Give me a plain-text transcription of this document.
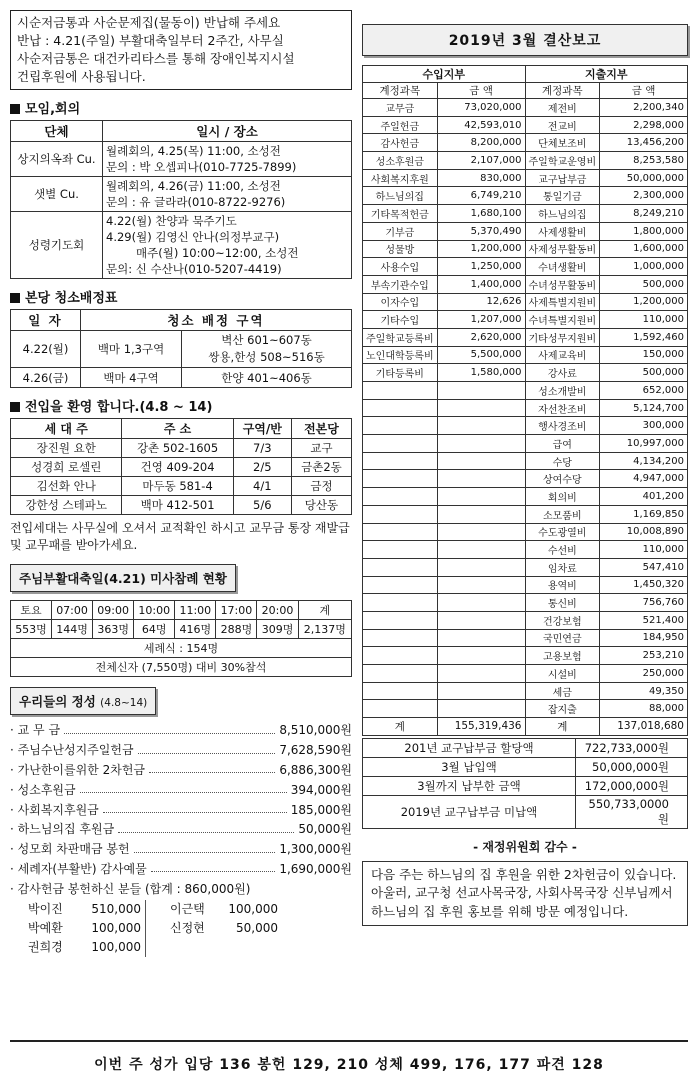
시순저금통과 사순문제집(물동이) 반납해 주세요
반납 : 4.21(주일) 부활대축일부터 2주간, 사무실
사순저금통은 대건카리타스를 통해 장애인복지시설
건립후원에 사용됩니다.
모임,회의
단체	일시 / 장소
상지의옥좌 Cu.	월례회의, 4.25(목) 11:00, 소성전
문의 : 박 오셉피나(010-7725-7899)

샛별 Cu.	월례회의, 4.26(금) 11:00, 소성전
문의 : 유 글라라(010-8722-9276)

성령기도회	4.22(월) 찬양과 묵주기도
4.29(월) 김영신 안나(의정부교구)
매주(월) 10:00~12:00, 소성전
문의: 신 수산나(010-5207-4419)
본당 청소배정표
일 자	청소 배정 구역	
4.22(월)	백마 1,3구역	벽산 601~607동
쌍용,한성 508~516동

4.26(금)	백마 4구역	한양 401~406동
전입을 환영 합니다.(4.8 ~ 14)
세 대 주	주 소	구역/반	전본당
장진원 요한	강촌 502-1605	7/3	교구
성경희 로셀린	건영 409-204	2/5	금촌2동
김선화 안나	마두동 581-4	4/1	금정
강한성 스테파노	백마 412-501	5/6	당산동
전입세대는 사무실에 오셔서 교적확인 하시고 교무금 통장 재발급 및 교무패를 받아가세요.
주님부활대축일(4.21) 미사참례 현황
토요	07:00	09:00	10:00	11:00	17:00	20:00	계
553명	144명	363명	64명	416명	288명	309명	2,137명
세례식 : 154명							
전체신자 (7,550명) 대비 30%참석							
우리들의 정성 (4.8~14)
· 교 무 금	8,510,000원
· 주님수난성지주일헌금	7,628,590원
· 가난한이를위한 2차헌금	6,886,300원
· 성소후원금	394,000원
· 사회복지후원금	185,000원
· 하느님의집 후원금	50,000원
· 성모회 차판매금 봉헌	1,300,000원
· 세례자(부활반) 감사예물	1,690,000원
· 감사헌금 봉헌하신 분들 (합계 : 860,000원)
박이진	510,000	이근택	100,000
박예환	100,000	신정현	50,000
권희경	100,000
2019년 3월 결산보고
수입지부		지출지부	
계정과목	금 액	계정과목	금 액
교무금	73,020,000	제전비	2,200,340
주일헌금	42,593,010	전교비	2,298,000
감사헌금	8,200,000	단체보조비	13,456,200
성소후원금	2,107,000	주일학교운영비	8,253,580
사회복지후원	830,000	교구납부금	50,000,000
하느님의집	6,749,210	통일기금	2,300,000
기타목적헌금	1,680,100	하느님의집	8,249,210
기부금	5,370,490	사제생활비	1,800,000
성물방	1,200,000	사제성무활동비	1,600,000
사용수입	1,250,000	수녀생활비	1,000,000
부속기관수입	1,400,000	수녀성무활동비	500,000
이자수입	12,626	사제특별지원비	1,200,000
기타수입	1,207,000	수녀특별지원비	110,000
주일학교등록비	2,620,000	기타성무지원비	1,592,460
노인대학등록비	5,500,000	사제교육비	150,000
기타등록비	1,580,000	강사료	500,000
		성소개발비	652,000
		자선찬조비	5,124,700
		행사경조비	300,000
		급여	10,997,000
		수당	4,134,200
		상여수당	4,947,000
		회의비	401,200
		소모품비	1,169,850
		수도광열비	10,008,890
		수선비	110,000
		임차료	547,410
		용역비	1,450,320
		통신비	756,760
		건강보험	521,400
		국민연금	184,950
		고용보험	253,210
		시설비	250,000
		세금	49,350
		잡지출	88,000
계	155,319,436	계	137,018,680
201년 교구납부금 할당액	722,733,000원
3월 납입액	50,000,000원
3월까지 납부한 금액	172,000,000원
2019년 교구납부금 미납액	550,733,0000원
- 재정위원회 감수 -
다음 주는 하느님의 집 후원을 위한 2차헌금이 있습니다. 아울러, 교구청 선교사목국장, 사회사목국장 신부님께서 하느님의 집 후원 홍보를 위해 방문 예정입니다.
이번 주 성가 입당 136 봉헌 129, 210 성체 499, 176, 177 파견 128
